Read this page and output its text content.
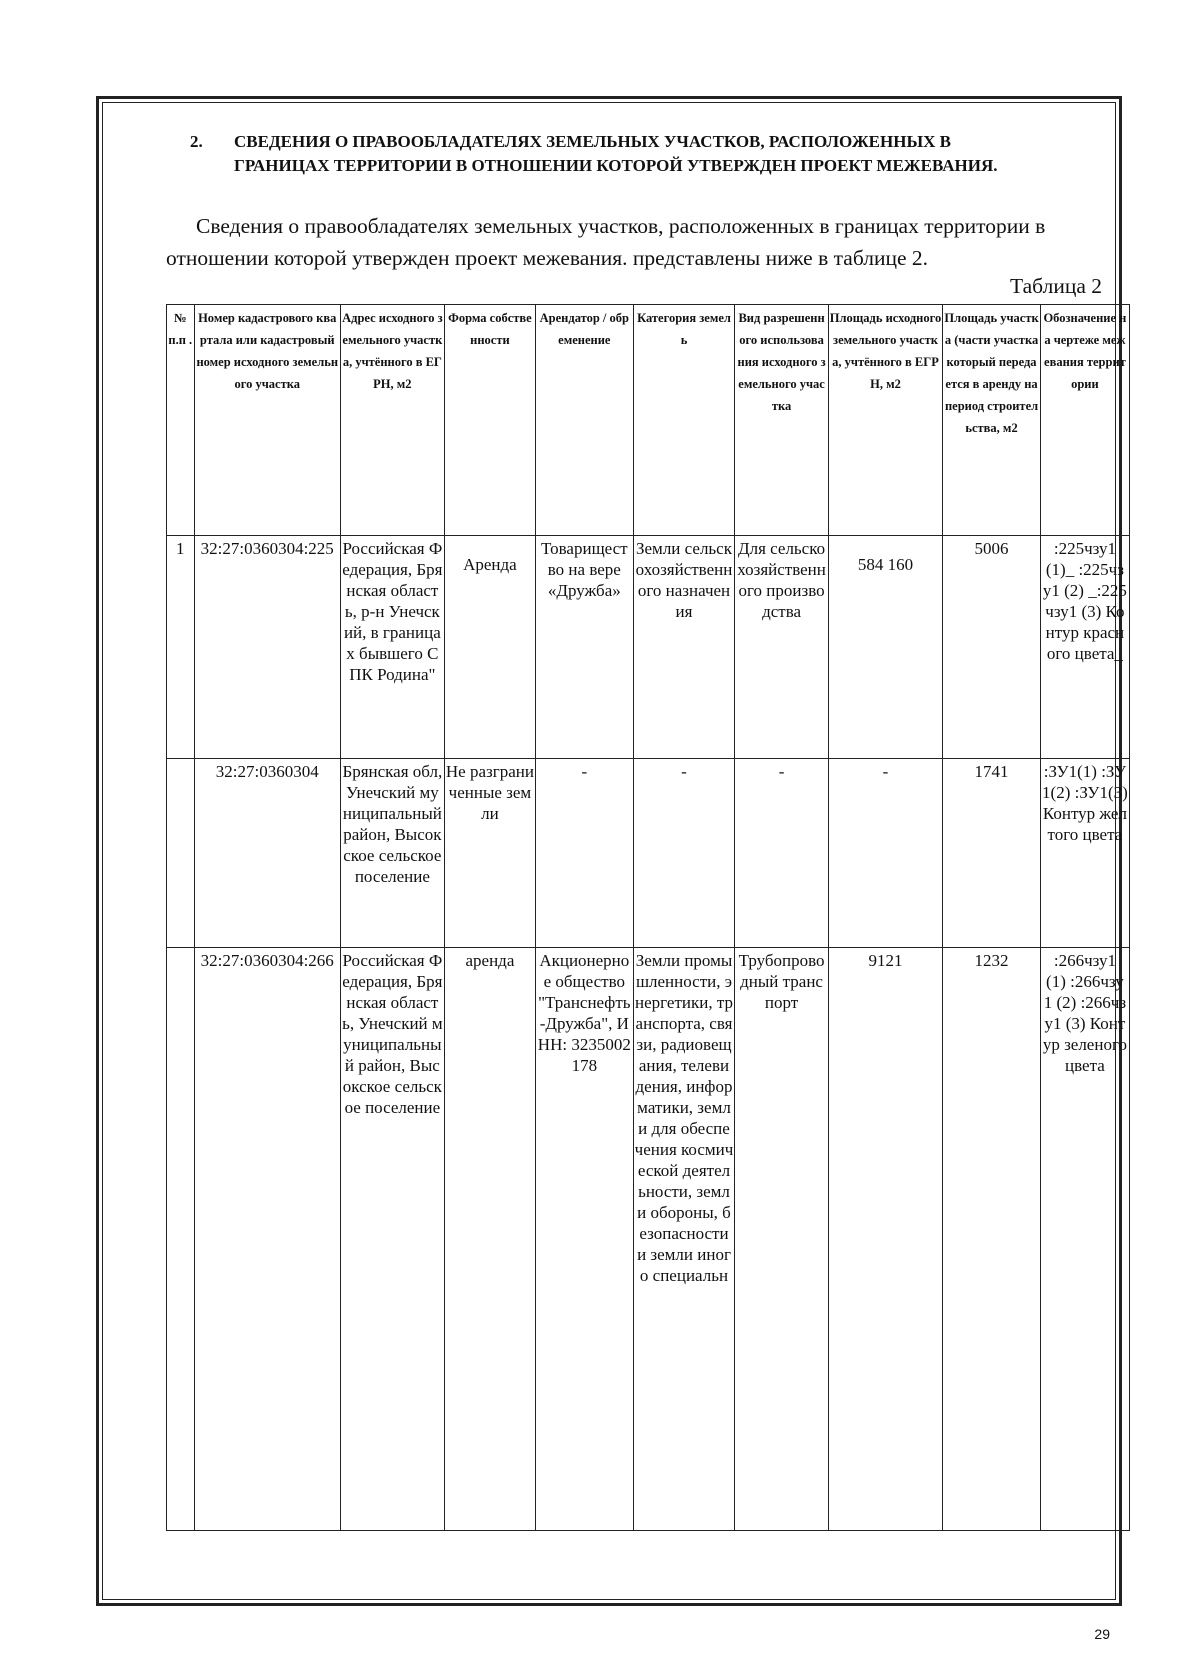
2. СВЕДЕНИЯ О ПРАВООБЛАДАТЕЛЯХ ЗЕМЕЛЬНЫХ УЧАСТКОВ, РАСПОЛОЖЕННЫХ В
ГРАНИЦАХ ТЕРРИТОРИИ В ОТНОШЕНИИ КОТОРОЙ УТВЕРЖДЕН ПРОЕКТ МЕЖЕВАНИЯ.

Сведения о правообладателях земельных участков, расположенных в границах территории в отношении которой утвержден проект межевания. представлены ниже в таблице 2.

Таблица 2
№ п.п .	Номер кадастрового квартала или кадастровый номер исходного земельного участка	Адрес исходного земельного участка, учтённого в ЕГРН, м2	Форма собственности	Арендатор / обременение	Категория земель	Вид разрешенного использования исходного земельного участка	Площадь исходного земельного участка, учтённого в ЕГРН, м2	Площадь участка (части участка который передается в аренду на период строительства, м2	Обозначение на чертеже межевания территории
1	32:27:0360304:225	Российская Федерация, Брянская область, р-н Унечский, в границах бывшего СПК Родина"	Аренда	Товарищество на вере «Дружба»	Земли сельскохозяйственного назначения	Для сельскохозяйственного производства	584 160	5006	:225чзу1 (1)_ :225чзу1 (2) _:225чзу1 (3) Контур красного цвета_
	32:27:0360304	Брянская обл, Унечский муниципальный район, Высокское сельское поселение	Не разграниченные земли	-	-	-	-	1741	:ЗУ1(1) :ЗУ1(2) :ЗУ1(3) Контур желтого цвета
	32:27:0360304:266	Российская Федерация, Брянская область, Унечский муниципальный район, Высокское сельское поселение	аренда	Акционерное общество "Транснефть-Дружба", ИНН: 3235002178	Земли промышленности, энергетики, транспорта, связи, радиовещания, телевидения, информатики, земли для обеспечения космической деятельности, земли обороны, безопасности и земли иного специальн	Трубопроводный транспорт	9121	1232	:266чзу1 (1) :266чзу1 (2) :266чзу1 (3) Контур зеленого цвета
29
